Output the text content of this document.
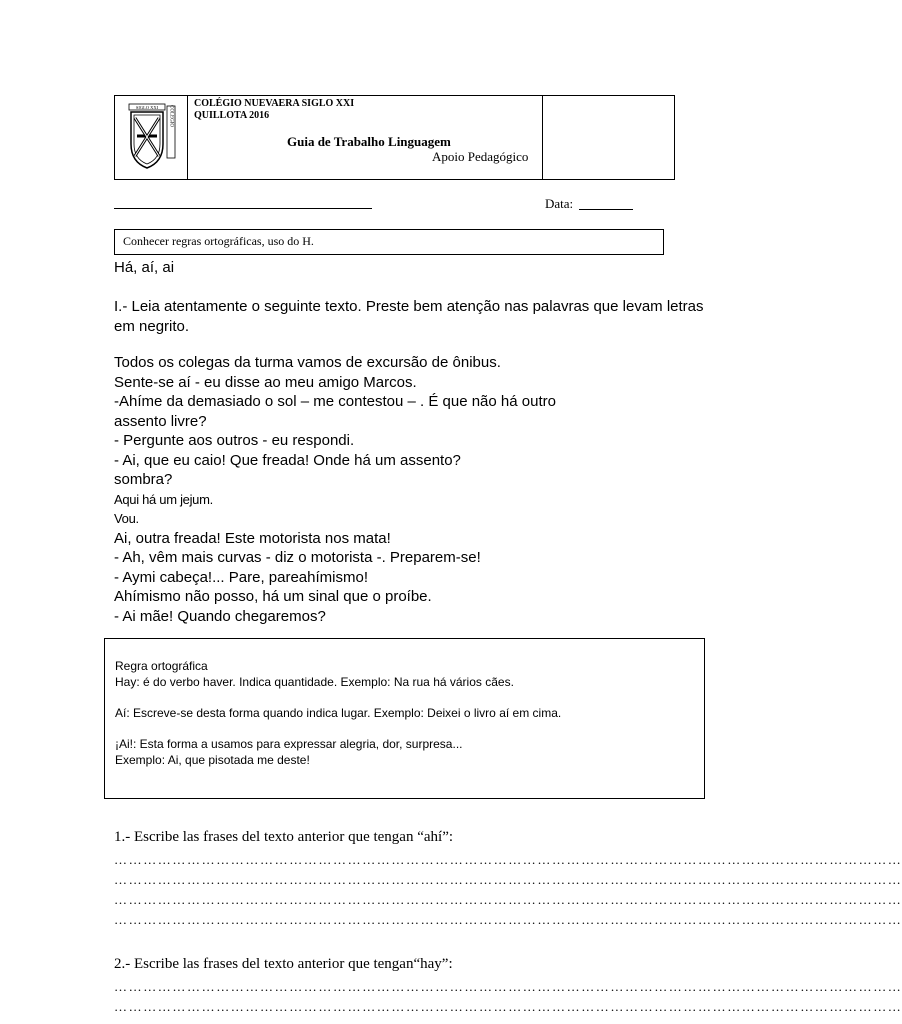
SIGLO XXI COLEGIO
COLÉGIO NUEVAERA SIGLO XXI
QUILLOTA 2016
Guia de Trabalho Linguagem
Apoio Pedagógico
Data:
Conhecer regras ortográficas, uso do H.
Há, aí, ai
I.- Leia atentamente o seguinte texto. Preste bem atenção nas palavras que levam letras em negrito.
Todos os colegas da turma vamos de excursão de ônibus.
Sente-se aí - eu disse ao meu amigo Marcos.
-Ahíme da demasiado o sol – me contestou – . É que não há outro
assento livre?
- Pergunte aos outros - eu respondi.
- Ai, que eu caio! Que freada! Onde há um assento?
sombra?
Aqui há um jejum.
Vou.
Ai, outra freada! Este motorista nos mata!
- Ah, vêm mais curvas - diz o motorista -. Preparem-se!
- Aymi cabeça!... Pare, pareahímismo!
Ahímismo não posso, há um sinal que o proíbe.
- Ai mãe! Quando chegaremos?
Regra ortográfica
Hay: é do verbo haver. Indica quantidade. Exemplo: Na rua há vários cães.
Aí: Escreve-se desta forma quando indica lugar. Exemplo: Deixei o livro aí em cima.
¡Ai!: Esta forma a usamos para expressar alegria, dor, surpresa...
Exemplo: Ai, que pisotada me deste!
1.- Escribe las frases del texto anterior que tengan “ahí”:
………………………………………………………………………………………………………………………………………………
………………………………………………………………………………………………………………………………………………
………………………………………………………………………………………………………………………………………………
………………………………………………………………………………………………………………………………………………
2.- Escribe las frases del texto anterior que tengan“hay”:
………………………………………………………………………………………………………………………………………………
………………………………………………………………………………………………………………………………………………
